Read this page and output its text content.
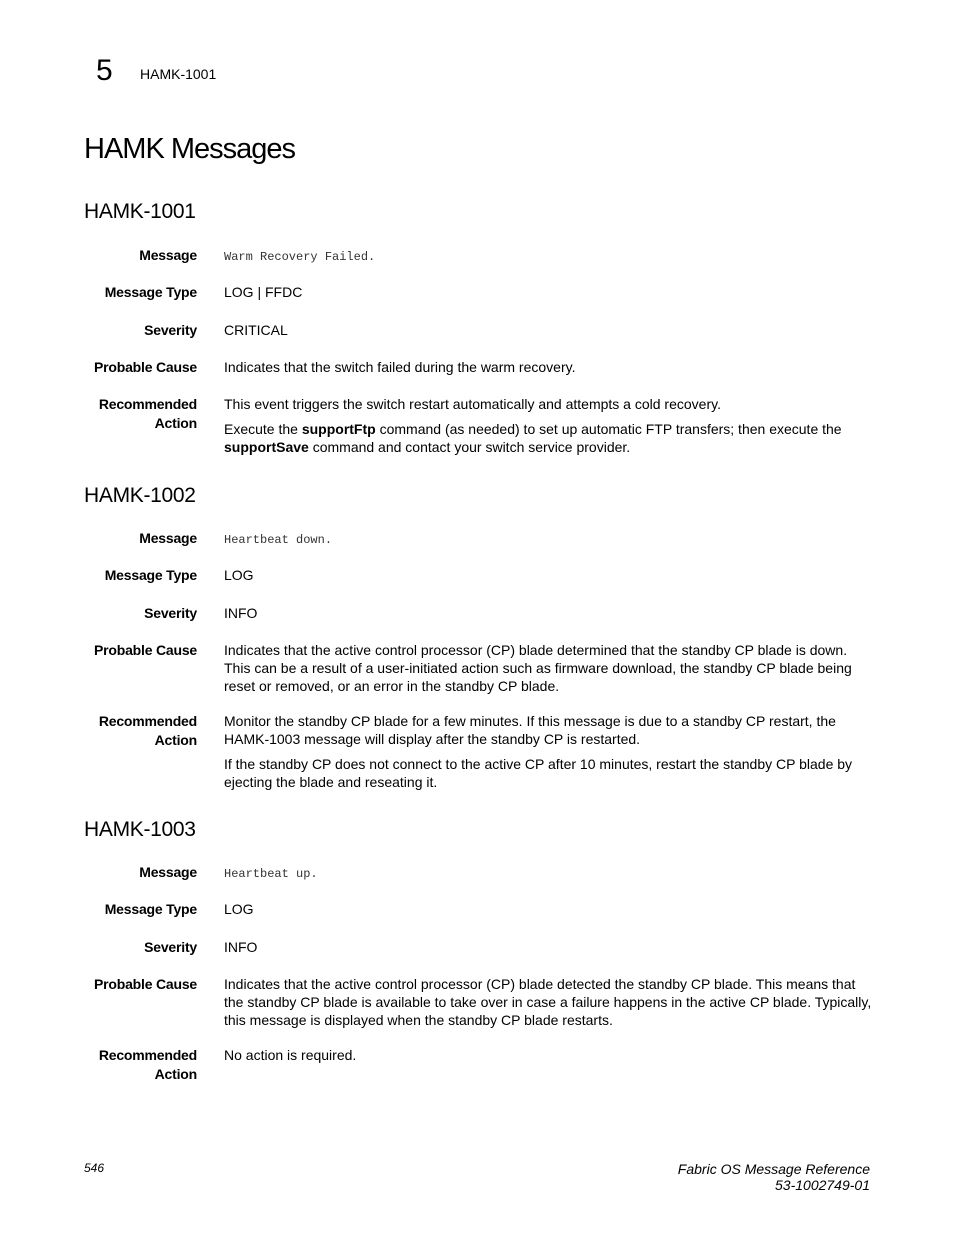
5 HAMK-1001
HAMK Messages
HAMK-1001
Message Warm Recovery Failed.
Message Type LOG | FFDC
Severity CRITICAL
Probable Cause Indicates that the switch failed during the warm recovery.
Recommended
Action

This event triggers the switch restart automatically and attempts a cold recovery.

Execute the supportFtp command (as needed) to set up automatic FTP transfers; then execute the supportSave command and contact your switch service provider.

HAMK-1002
Message Heartbeat down.
Message Type LOG
Severity INFO
Probable Cause Indicates that the active control processor (CP) blade determined that the standby CP blade is down. This can be a result of a user-initiated action such as firmware download, the standby CP blade being reset or removed, or an error in the standby CP blade.
Recommended
Action

Monitor the standby CP blade for a few minutes. If this message is due to a standby CP restart, the HAMK-1003 message will display after the standby CP is restarted.

If the standby CP does not connect to the active CP after 10 minutes, restart the standby CP blade by ejecting the blade and reseating it.

HAMK-1003
Message Heartbeat up.
Message Type LOG
Severity INFO
Probable Cause Indicates that the active control processor (CP) blade detected the standby CP blade. This means that the standby CP blade is available to take over in case a failure happens in the active CP blade. Typically, this message is displayed when the standby CP blade restarts.
Recommended
Action

No action is required.

546	Fabric OS Message Reference
53-1002749-01
